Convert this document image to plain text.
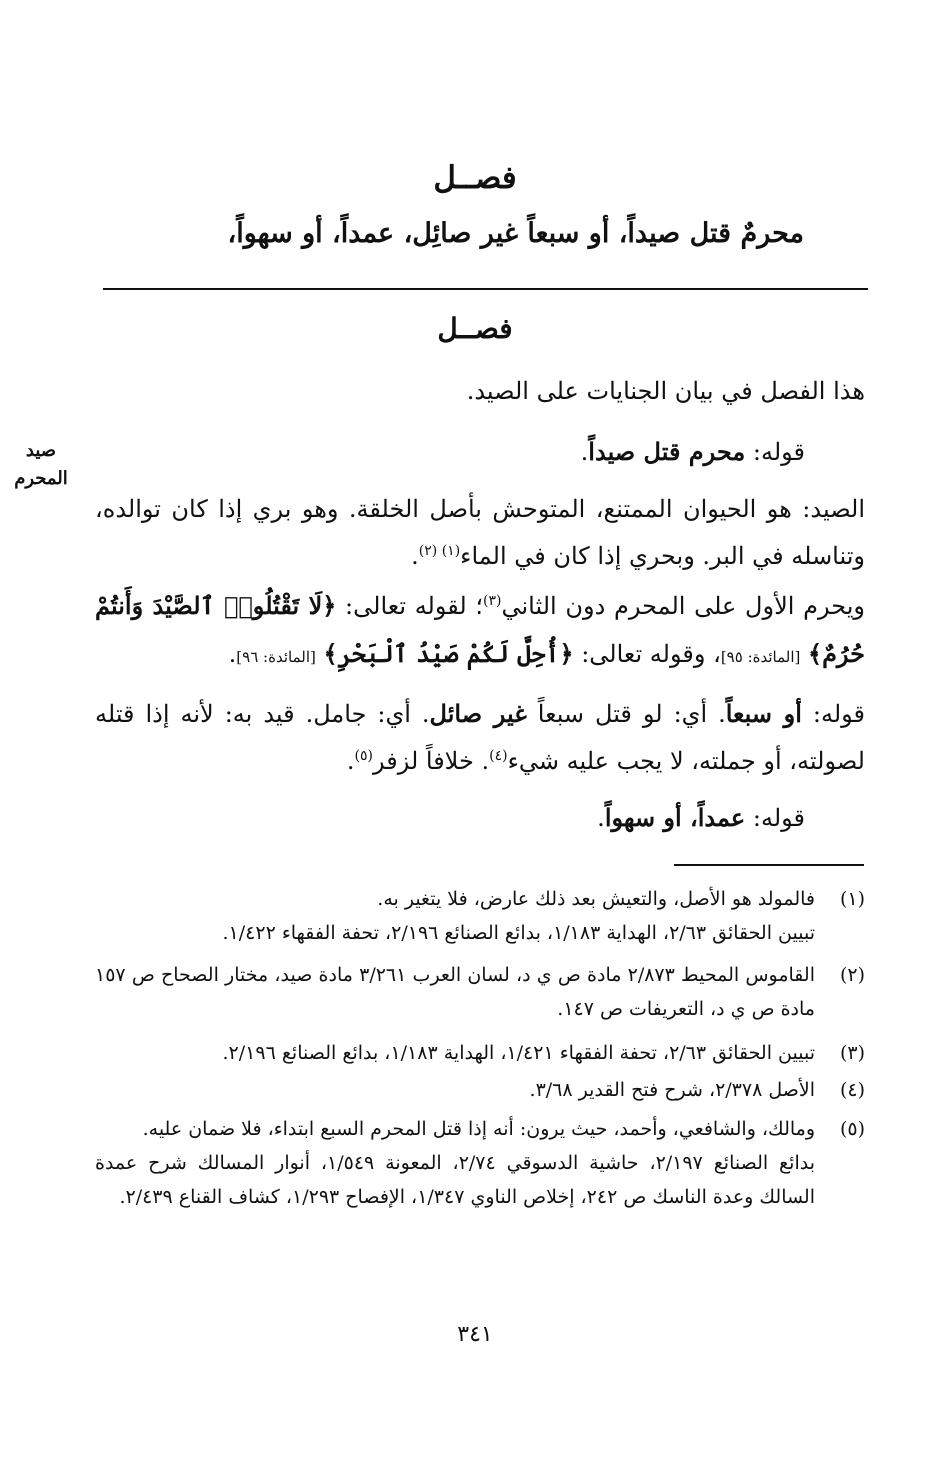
فصــل
محرمٌ قتل صيداً، أو سبعاً غير صائِل، عمداً، أو سهواً،
فصــل
هذا الفصل في بيان الجنايات على الصيد.
قوله: محرم قتل صيداً.
صيد
المحرم
الصيد: هو الحيوان الممتنع، المتوحش بأصل الخلقة. وهو بري إذا كان توالده، وتناسله في البر. وبحري إذا كان في الماء$^{(١) (٢)}$.
ويحرم الأول على المحرم دون الثاني$^{(٣)}$؛ لقوله تعالى: ﴿لَا تَقْتُلُوا۟ ٱلصَّيْدَ وَأَنتُمْ حُرُمٌ﴾ [المائدة: ٩٥]، وقوله تعالى: ﴿أُحِلَّ لَكُمْ صَيْدُ ٱلْبَحْرِ﴾ [المائدة: ٩٦].
قوله: أو سبعاً. أي: لو قتل سبعاً غير صائل. أي: جامل. قيد به: لأنه إذا قتله لصولته، أو جملته، لا يجب عليه شيء$^{(٤)}$. خلافاً لزفر$^{(٥)}$.
قوله: عمداً، أو سهواً.
(١)
فالمولد هو الأصل، والتعيش بعد ذلك عارض، فلا يتغير به.
تبيين الحقائق ٢/٦٣، الهداية ١/١٨٣، بدائع الصنائع ٢/١٩٦، تحفة الفقهاء ١/٤٢٢.
(٢)
القاموس المحيط ٢/٨٧٣ مادة ص ي د، لسان العرب ٣/٢٦١ مادة صيد، مختار الصحاح ص ١٥٧ مادة ص ي د، التعريفات ص ١٤٧.
(٣)
تبيين الحقائق ٢/٦٣، تحفة الفقهاء ١/٤٢١، الهداية ١/١٨٣، بدائع الصنائع ٢/١٩٦.
(٤)
الأصل ٢/٣٧٨، شرح فتح القدير ٣/٦٨.
(٥)
ومالك، والشافعي، وأحمد، حيث يرون: أنه إذا قتل المحرم السبع ابتداء، فلا ضمان عليه.
بدائع الصنائع ٢/١٩٧، حاشية الدسوقي ٢/٧٤، المعونة ١/٥٤٩، أنوار المسالك شرح عمدة السالك وعدة الناسك ص ٢٤٢، إخلاص الناوي ١/٣٤٧، الإفصاح ١/٢٩٣، كشاف القناع ٢/٤٣٩.
٣٤١
